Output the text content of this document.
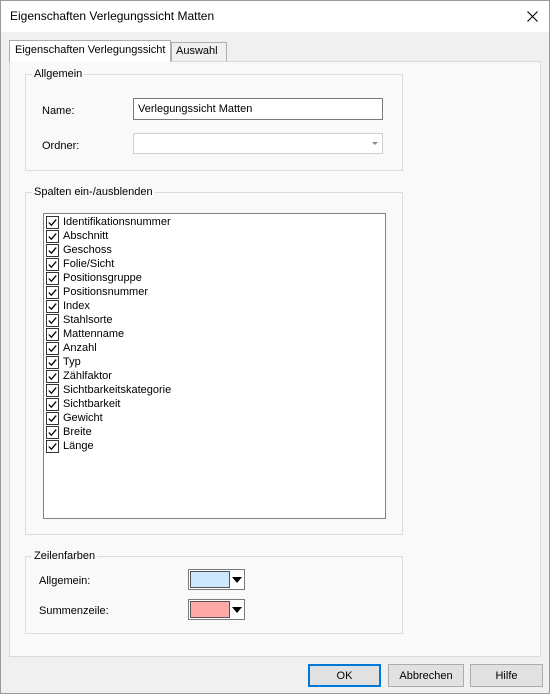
Eigenschaften Verlegungssicht Matten
Eigenschaften Verlegungssicht Auswahl
Allgemein
Name:	Verlegungssicht Matten
Ordner:
Spalten ein-/ausblenden
Identifikationsnummer
Abschnitt
Geschoss
Folie/Sicht
Positionsgruppe
Positionsnummer
Index
Stahlsorte
Mattenname
Anzahl
Typ
Zählfaktor
Sichtbarkeitskategorie
Sichtbarkeit
Gewicht
Breite
Länge
Zeilenfarben
Allgemein:
Summenzeile:
OK	Abbrechen	Hilfe
